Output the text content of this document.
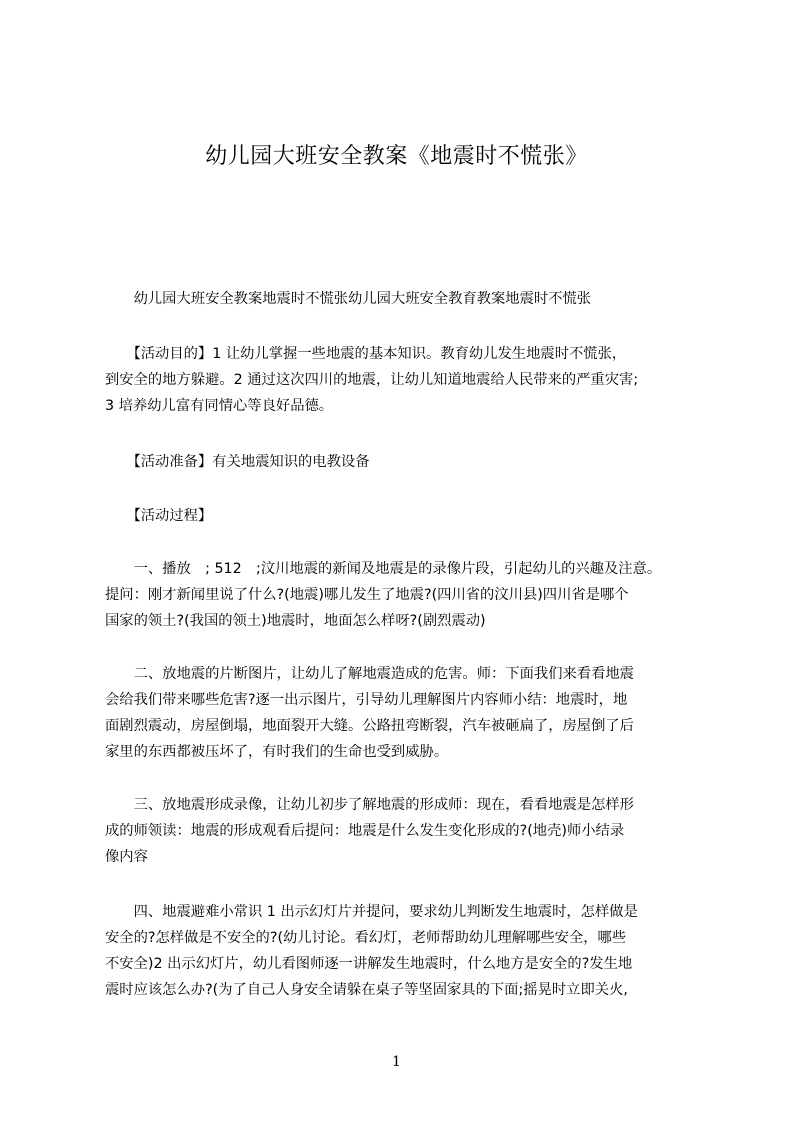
幼儿园大班安全教案《地震时不慌张》
　　幼儿园大班安全教案地震时不慌张幼儿园大班安全教育教案地震时不慌张
　　【活动目的】1 让幼儿掌握一些地震的基本知识。教育幼儿发生地震时不慌张，
到安全的地方躲避。2 通过这次四川的地震，让幼儿知道地震给人民带来的严重灾害;
3 培养幼儿富有同情心等良好品德。
　　【活动准备】有关地震知识的电教设备
　　【活动过程】
　　一、播放　; 512　;汶川地震的新闻及地震是的录像片段，引起幼儿的兴趣及注意。
提问：刚才新闻里说了什么?(地震)哪儿发生了地震?(四川省的汶川县)四川省是哪个
国家的领土?(我国的领土)地震时，地面怎么样呀?(剧烈震动)
　　二、放地震的片断图片，让幼儿了解地震造成的危害。师：下面我们来看看地震
会给我们带来哪些危害?逐一出示图片，引导幼儿理解图片内容师小结：地震时，地
面剧烈震动，房屋倒塌，地面裂开大缝。公路扭弯断裂，汽车被砸扁了，房屋倒了后
家里的东西都被压坏了，有时我们的生命也受到威胁。
　　三、放地震形成录像，让幼儿初步了解地震的形成师：现在，看看地震是怎样形
成的师领读：地震的形成观看后提问：地震是什么发生变化形成的?(地壳)师小结录
像内容
　　四、地震避难小常识 1 出示幻灯片并提问，要求幼儿判断发生地震时，怎样做是
安全的?怎样做是不安全的?(幼儿讨论。看幻灯，老师帮助幼儿理解哪些安全，哪些
不安全)2 出示幻灯片，幼儿看图师逐一讲解发生地震时，什么地方是安全的?发生地
震时应该怎么办?(为了自己人身安全请躲在桌子等坚固家具的下面;摇晃时立即关火,
1
